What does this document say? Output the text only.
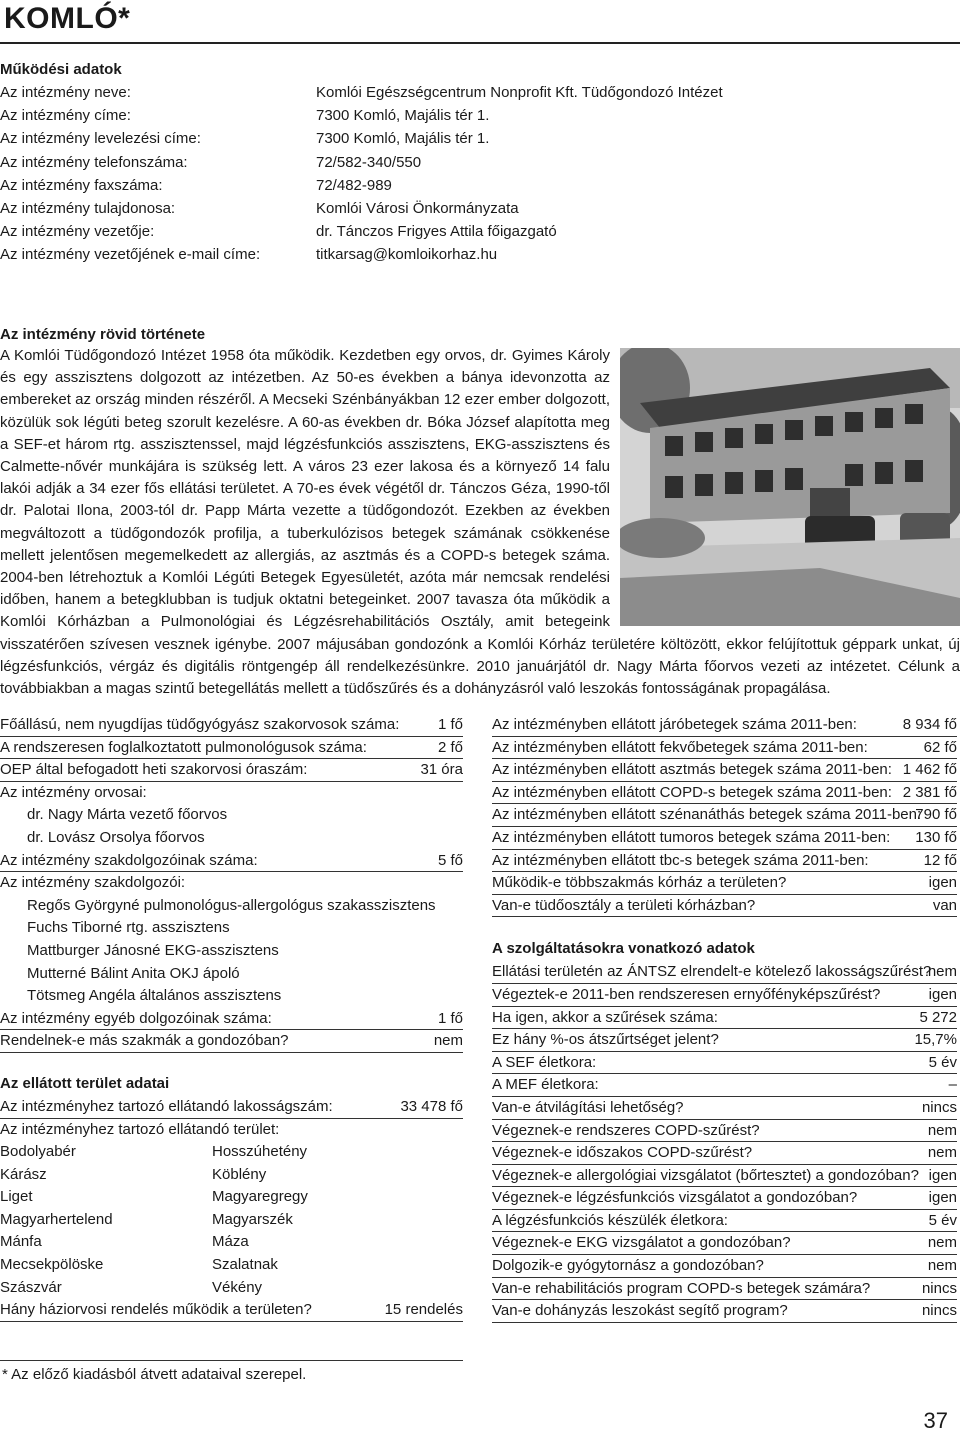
KOMLÓ*
Működési adatok
Az intézmény neve:	Komlói Egészségcentrum Nonprofit Kft. Tüdőgondozó Intézet
Az intézmény címe:	7300 Komló, Majális tér 1.
Az intézmény levelezési címe:	7300 Komló, Majális tér 1.
Az intézmény telefonszáma:	72/582-340/550
Az intézmény faxszáma:	72/482-989
Az intézmény tulajdonosa:	Komlói Városi Önkormányzata
Az intézmény vezetője:	dr. Tánczos Frigyes Attila főigazgató
Az intézmény vezetőjének e-mail címe:	titkarsag@komloikorhaz.hu
Az intézmény rövid története

A Komlói Tüdőgondozó Intézet 1958 óta működik. Kezdetben egy orvos, dr. Gyimes Károly és egy asszisztens dolgozott az intézetben. Az 50-es években a bánya idevonzotta az embereket az ország minden részéről. A Mecseki Szénbányákban 12 ezer ember dolgozott, közülük sok légúti beteg szorult kezelésre. A 60-as években dr. Bóka József alapította meg a SEF-et három rtg. asszisztenssel, majd légzésfunkciós asszisztens, EKG-asszisztens és Calmette-nővér munkájára is szükség lett. A város 23 ezer lakosa és a környező 14 falu lakói adják a 34 ezer fős ellátási területet. A 70-es évek végétől dr. Tánczos Géza, 1990-től dr. Palotai Ilona, 2003-tól dr. Papp Márta vezette a tüdőgondozót. Ezekben az években megváltozott a tüdőgondozók profilja, a tuberkulózisos betegek számának csökkenése mellett jelentősen megemelkedett az allergiás, az asztmás és a COPD-s betegek száma. 2004-ben létrehoztuk a Komlói Légúti Betegek Egyesületét, azóta már nemcsak rendelési időben, hanem a betegklubban is tudjuk oktatni betegeinket. 2007 tavasza óta működik a Komlói Kórházban a Pulmonológiai és Légzésrehabilitációs Osztály, amit betegeink visszatérően szívesen vesznek igénybe. 2007 májusában gondozónk a Komlói Kórház területére költözött, ekkor felújítottuk géppark unkat, új légzésfunkciós, vérgáz és digitális röntgengép áll rendelkezésünkre. 2010 januárjától dr. Nagy Márta főorvos vezeti az intézetet. Célunk a továbbiakban a magas szintű betegellátás mellett a tüdőszűrés és a dohányzásról való leszokás fontosságának propagálása.

Főállású, nem nyugdíjas tüdőgyógyász szakorvosok száma:	1 fő
A rendszeresen foglalkoztatott pulmonológusok száma:	2 fő
OEP által befogadott heti szakorvosi óraszám:	31 óra
Az intézmény orvosai:
dr. Nagy Márta vezető főorvos
dr. Lovász Orsolya főorvos
Az intézmény szakdolgozóinak száma:	5 fő
Az intézmény szakdolgozói:
Regős Györgyné pulmonológus-allergológus szakasszisztens
Fuchs Tiborné rtg. asszisztens
Mattburger Jánosné EKG-asszisztens
Mutterné Bálint Anita OKJ ápoló
Tötsmeg Angéla általános asszisztens
Az intézmény egyéb dolgozóinak száma:	1 fő
Rendelnek-e más szakmák a gondozóban?	nem
Az ellátott terület adatai
Az intézményhez tartozó ellátandó lakosságszám:	33 478 fő
Az intézményhez tartozó ellátandó terület:
Bodolyabér	Hosszúhetény
Kárász	Köblény
Liget	Magyaregregy
Magyarhertelend	Magyarszék
Mánfa	Máza
Mecsekpölöske	Szalatnak
Szászvár	Vékény
Hány háziorvosi rendelés működik a területen?	15 rendelés
Az intézményben ellátott járóbetegek száma 2011-ben:	8 934 fő
Az intézményben ellátott fekvőbetegek száma 2011-ben:	62 fő
Az intézményben ellátott asztmás betegek száma 2011-ben: 1 462 fő
Az intézményben ellátott COPD-s betegek száma 2011-ben: 2 381 fő
Az intézményben ellátott szénanáthás betegek száma 2011-ben:
790 fő
Az intézményben ellátott tumoros betegek száma 2011-ben: 130 fő
Az intézményben ellátott tbc-s betegek száma 2011-ben:	12 fő
Működik-e többszakmás kórház a területen?	igen
Van-e tüdőosztály a területi kórházban?	van
A szolgáltatásokra vonatkozó adatok
Ellátási területén az ÁNTSZ elrendelt-e kötelező lakosságszűrést?
nem
Végeztek-e 2011-ben rendszeresen ernyőfényképszűrést?	igen
Ha igen, akkor a szűrések száma:	5 272
Ez hány %-os átszűrtséget jelent?	15,7%
A SEF életkora:	5 év
A MEF életkora:	–
Van-e átvilágítási lehetőség?	nincs
Végeznek-e rendszeres COPD-szűrést?	nem
Végeznek-e időszakos COPD-szűrést?	nem
Végeznek-e allergológiai vizsgálatot (bőrtesztet) a gondozóban? igen
Végeznek-e légzésfunkciós vizsgálatot a gondozóban?	igen
A légzésfunkciós készülék életkora:	5 év
Végeznek-e EKG vizsgálatot a gondozóban?	nem
Dolgozik-e gyógytornász a gondozóban?	nem
Van-e rehabilitációs program COPD-s betegek számára?	nincs
Van-e dohányzás leszokást segítő program?	nincs
* Az előző kiadásból átvett adataival szerepel.
37
